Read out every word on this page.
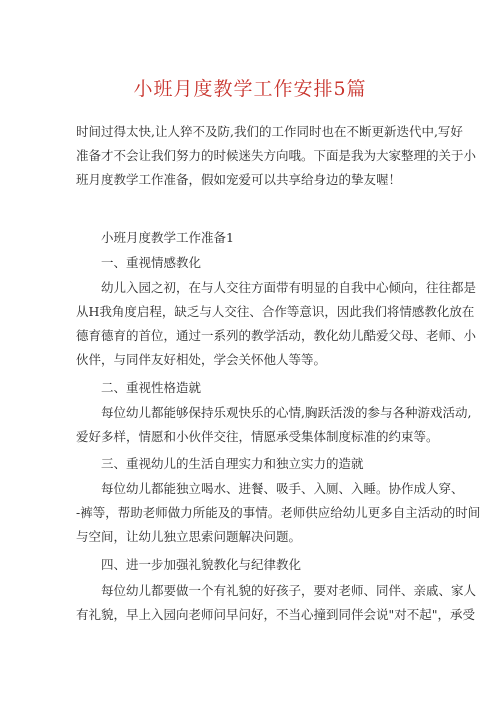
小班月度教学工作安排5篇

时间过得太快,让人猝不及防,我们的工作同时也在不断更新迭代中,写好
准备才不会让我们努力的时候迷失方向哦。下面是我为大家整理的关于小
班月度教学工作准备，假如宠爱可以共享给身边的挚友喔！

小班月度教学工作准备1

一、重视情感教化

幼儿入园之初，在与人交往方面带有明显的自我中心倾向，往往都是
从H我角度启程，缺乏与人交往、合作等意识，因此我们将情感教化放在
德育德育的首位，通过一系列的教学活动，教化幼儿酷爱父母、老师、小
伙伴，与同伴友好相处，学会关怀他人等等。

二、重视性格造就

每位幼儿都能够保持乐观快乐的心情,胸跃活泼的参与各种游戏活动,
爱好多样，情愿和小伙伴交往，情愿承受集体制度标准的约束等。

三、重视幼儿的生活自理实力和独立实力的造就

每位幼儿都能独立喝水、进餐、吸手、入厕、入睡。协作成人穿、
-裤等，帮助老师做力所能及的事情。老师供应给幼儿更多自主活动的时间
与空间，让幼儿独立思索问题解决问题。

四、进一步加强礼貌教化与纪律教化

每位幼儿都要做一个有礼貌的好孩子，要对老师、同伴、亲戚、家人
有礼貌，早上入园向老师问早问好，不当心撞到同伴会说"对不起"，承受
